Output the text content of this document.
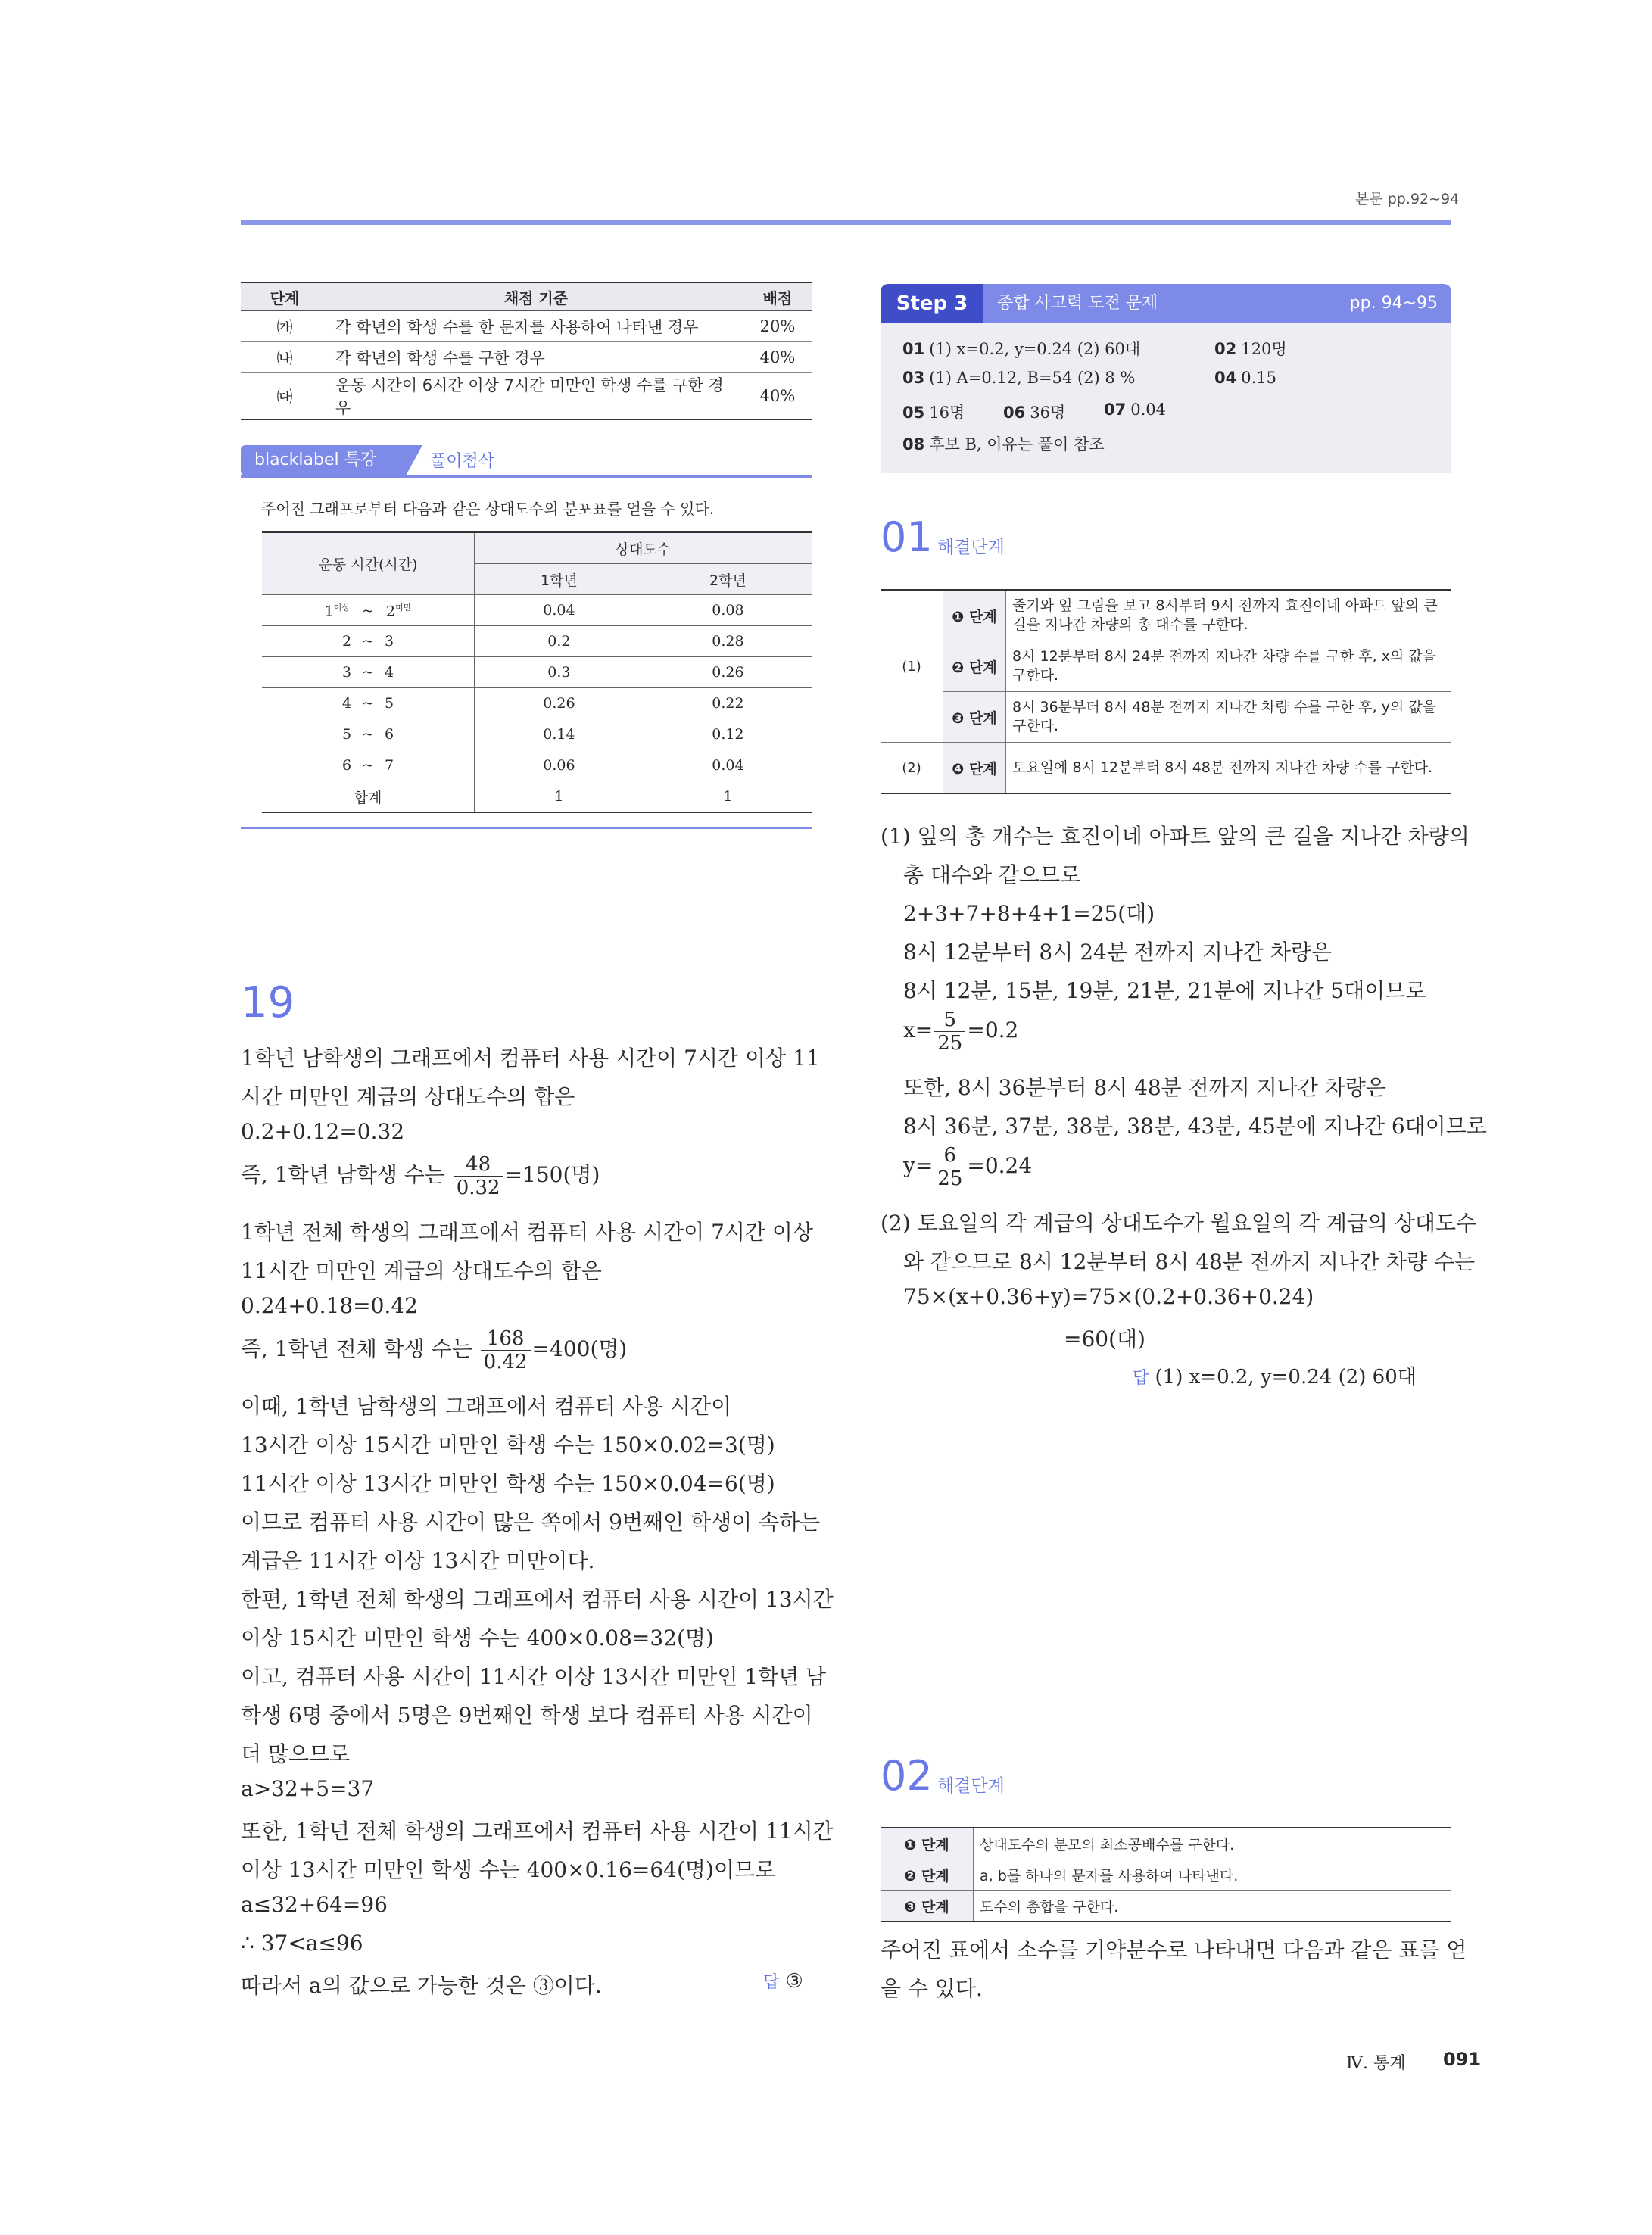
본문 pp.92~94
단계	채점 기준	배점
㈎	각 학년의 학생 수를 한 문자를 사용하여 나타낸 경우	20%
㈏	각 학년의 학생 수를 구한 경우	40%
㈐	운동 시간이 6시간 이상 7시간 미만인 학생 수를 구한 경우	40%
blacklabel 특강	풀이첨삭
주어진 그래프로부터 다음과 같은 상대도수의 분포표를 얻을 수 있다.
운동 시간(시간)	상대도수	
	1학년	2학년
$1^{이상}$ ~ $2^{미만}$	0.04	0.08
2 ~ 3	0.2	0.28
3 ~ 4	0.3	0.26
4 ~ 5	0.26	0.22
5 ~ 6	0.14	0.12
6 ~ 7	0.06	0.04
합계	1	1
19
1학년 남학생의 그래프에서 컴퓨터 사용 시간이 7시간 이상 11
시간 미만인 계급의 상대도수의 합은
0.2+0.12=0.32
즉, 1학년 남학생 수는 $\frac{48}{0.32} =150$(명)
1학년 전체 학생의 그래프에서 컴퓨터 사용 시간이 7시간 이상
11시간 미만인 계급의 상대도수의 합은
0.24+0.18=0.42
즉, 1학년 전체 학생 수는 $\frac{168}{0.42} =400$(명)
이때, 1학년 남학생의 그래프에서 컴퓨터 사용 시간이
13시간 이상 15시간 미만인 학생 수는 150×0.02=3(명)
11시간 이상 13시간 미만인 학생 수는 150×0.04=6(명)
이므로 컴퓨터 사용 시간이 많은 쪽에서 9번째인 학생이 속하는
계급은 11시간 이상 13시간 미만이다.
한편, 1학년 전체 학생의 그래프에서 컴퓨터 사용 시간이 13시간
이상 15시간 미만인 학생 수는 400×0.08=32(명)
이고, 컴퓨터 사용 시간이 11시간 이상 13시간 미만인 1학년 남
학생 6명 중에서 5명은 9번째인 학생 보다 컴퓨터 사용 시간이
더 많으므로
a>32+5=37
또한, 1학년 전체 학생의 그래프에서 컴퓨터 사용 시간이 11시간
이상 13시간 미만인 학생 수는 400×0.16=64(명)이므로
a≤32+64=96
∴ 37<a≤96
따라서 a의 값으로 가능한 것은 ③이다.	답 ③
Step 3	종합 사고력 도전 문제	pp. 94~95
01 (1) x=0.2, y=0.24 (2) 60대	02 120명
03 (1) A=0.12, B=54 (2) 8 %	04 0.15
05 16명 06 36명 07 0.04
08 후보 B, 이유는 풀이 참조
01 해결단계
(1)	❶ 단계	줄기와 잎 그림을 보고 8시부터 9시 전까지 효진이네 아파트 앞의 큰 길을 지나간 차량의 총 대수를 구한다.
	❷ 단계	8시 12분부터 8시 24분 전까지 지나간 차량 수를 구한 후, x의 값을 구한다.
	❸ 단계	8시 36분부터 8시 48분 전까지 지나간 차량 수를 구한 후, y의 값을 구한다.
(2)	❹ 단계	토요일에 8시 12분부터 8시 48분 전까지 지나간 차량 수를 구한다.
(1) 잎의 총 개수는 효진이네 아파트 앞의 큰 길을 지나간 차량의
총 대수와 같으므로
2+3+7+8+4+1=25(대)
8시 12분부터 8시 24분 전까지 지나간 차량은
8시 12분, 15분, 19분, 21분, 21분에 지나간 5대이므로
$x= \frac{5}{25} =0.2$
또한, 8시 36분부터 8시 48분 전까지 지나간 차량은
8시 36분, 37분, 38분, 38분, 43분, 45분에 지나간 6대이므로
$y= \frac{6}{25} =0.24$
(2) 토요일의 각 계급의 상대도수가 월요일의 각 계급의 상대도수
와 같으므로 8시 12분부터 8시 48분 전까지 지나간 차량 수는
75×(x+0.36+y)=75×(0.2+0.36+0.24)
=60(대)
답 (1) x=0.2, y=0.24 (2) 60대
02 해결단계
❶ 단계	상대도수의 분모의 최소공배수를 구한다.
❷ 단계	a, b를 하나의 문자를 사용하여 나타낸다.
❸ 단계	도수의 총합을 구한다.
주어진 표에서 소수를 기약분수로 나타내면 다음과 같은 표를 얻
을 수 있다.
Ⅳ. 통계 091
